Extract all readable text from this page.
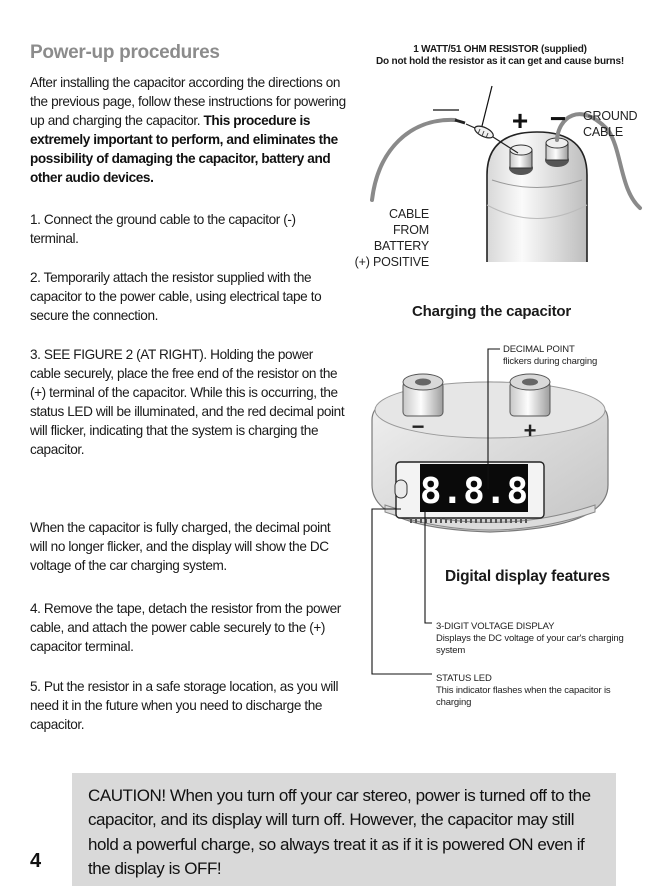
Power-up procedures

After installing the capacitor according the directions on the previous page, follow these instructions for powering up and charging the capacitor. This procedure is extremely important to perform, and eliminates the possibility of damaging the capacitor, battery and other audio devices.

1. Connect the ground cable to the capacitor (-) terminal.

2. Temporarily attach the resistor supplied with the capacitor to the power cable, using electrical tape to secure the connection.

3. SEE FIGURE 2 (AT RIGHT). Holding the power cable securely, place the free end of the resistor on the (+) terminal of the capacitor. While this is occurring, the status LED will be illuminated, and the red decimal point will flicker, indicating that the system is charging the capacitor.

When the capacitor is fully charged, the decimal point will no longer flicker, and the display will show the DC voltage of the car charging system.

4. Remove the tape, detach the resistor from the power cable, and attach the power cable securely to the (+) capacitor terminal.

5. Put the resistor in a safe storage location, as you will need it in the future when you need to discharge the capacitor.

+ −
8.8.8
−	+
1 WATT/51 OHM RESISTOR (supplied)
Do not hold the resistor as it can get and cause burns!
GROUND
CABLE
CABLE FROM
BATTERY
(+) POSITIVE
Charging the capacitor
DECIMAL POINT
flickers during charging
Digital display features
3-DIGIT VOLTAGE DISPLAY
Displays the DC voltage of your car's charging system
STATUS LED
This indicator flashes when the capacitor is charging

CAUTION! When you turn off your car stereo, power is turned off to the capacitor, and its display will turn off. However, the capacitor may still hold a powerful charge, so always treat it as if it is powered ON even if the display is OFF!

4
